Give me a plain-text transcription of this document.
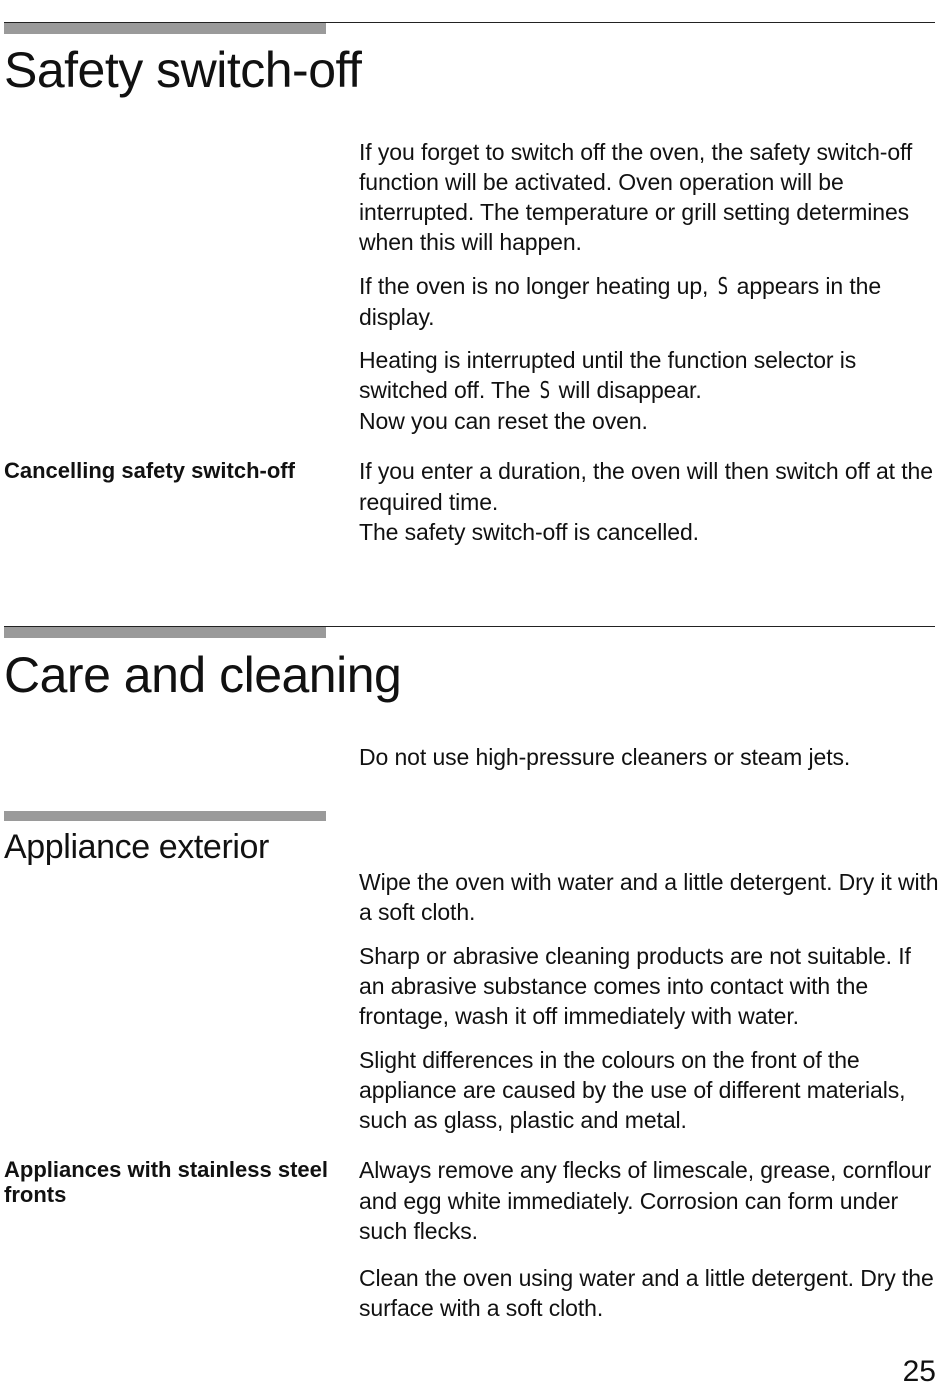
Safety switch-off

If you forget to switch off the oven, the safety switch-off function will be activated. Oven operation will be interrupted. The temperature or grill setting determines when this will happen.

If the oven is no longer heating up, S appears in the display.

Heating is interrupted until the function selector is switched off. The S will disappear.
Now you can reset the oven.

Cancelling safety switch-off	If you enter a duration, the oven will then switch off at the required time.
The safety switch-off is cancelled.

Care and cleaning

Do not use high-pressure cleaners or steam jets.

Appliance exterior

Wipe the oven with water and a little detergent. Dry it with a soft cloth.

Sharp or abrasive cleaning products are not suitable. If an abrasive substance comes into contact with the frontage, wash it off immediately with water.

Slight differences in the colours on the front of the appliance are caused by the use of different materials, such as glass, plastic and metal.

Appliances with stainless steel fronts

Always remove any flecks of limescale, grease, cornflour and egg white immediately. Corrosion can form under such flecks.

Clean the oven using water and a little detergent. Dry the surface with a soft cloth.

25
